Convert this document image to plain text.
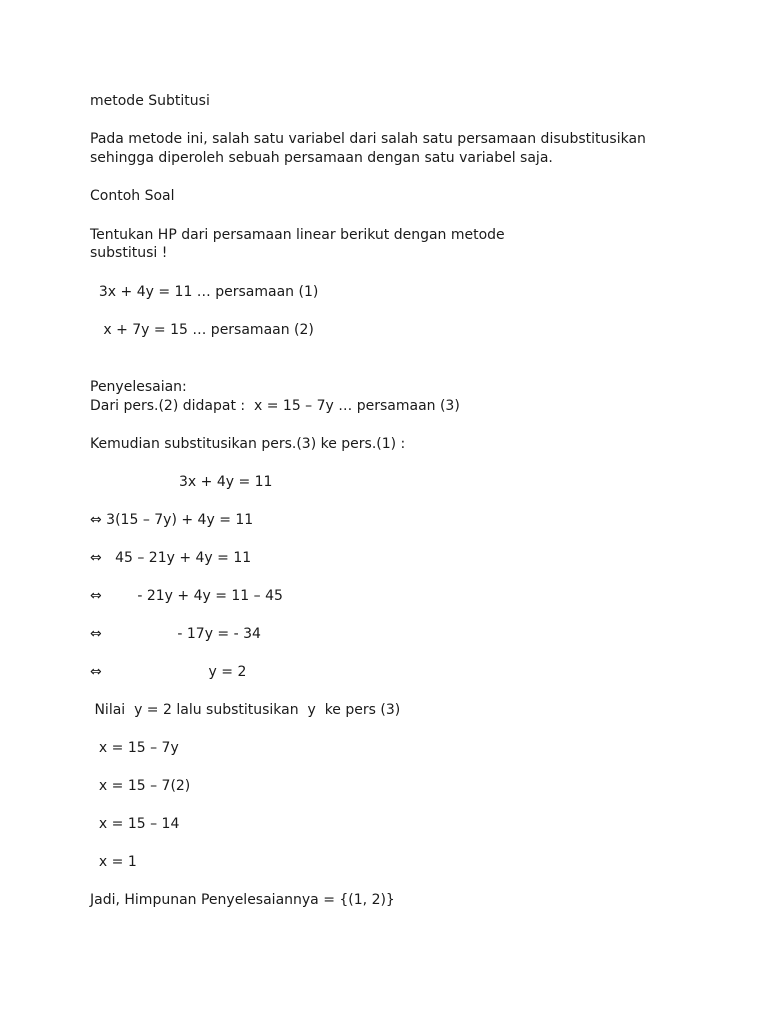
metode Subtitusi

Pada metode ini, salah satu variabel dari salah satu persamaan disubstitusikan

sehingga diperoleh sebuah persamaan dengan satu variabel saja.

Contoh Soal

Tentukan HP dari persamaan linear berikut dengan metode

substitusi !

3x + 4y = 11 … persamaan (1)

x + 7y = 15 … persamaan (2)

Penyelesaian:

Dari pers.(2) didapat :  x = 15 – 7y … persamaan (3)

Kemudian substitusikan pers.(3) ke pers.(1) :

3x + 4y = 11

⇔ 3(15 – 7y) + 4y = 11

⇔   45 – 21y + 4y = 11

⇔        - 21y + 4y = 11 – 45

⇔                 - 17y = - 34

⇔                        y = 2

Nilai  y = 2 lalu substitusikan  y  ke pers (3)

x = 15 – 7y

x = 15 – 7(2)

x = 15 – 14

x = 1

Jadi, Himpunan Penyelesaiannya = {(1, 2)}
